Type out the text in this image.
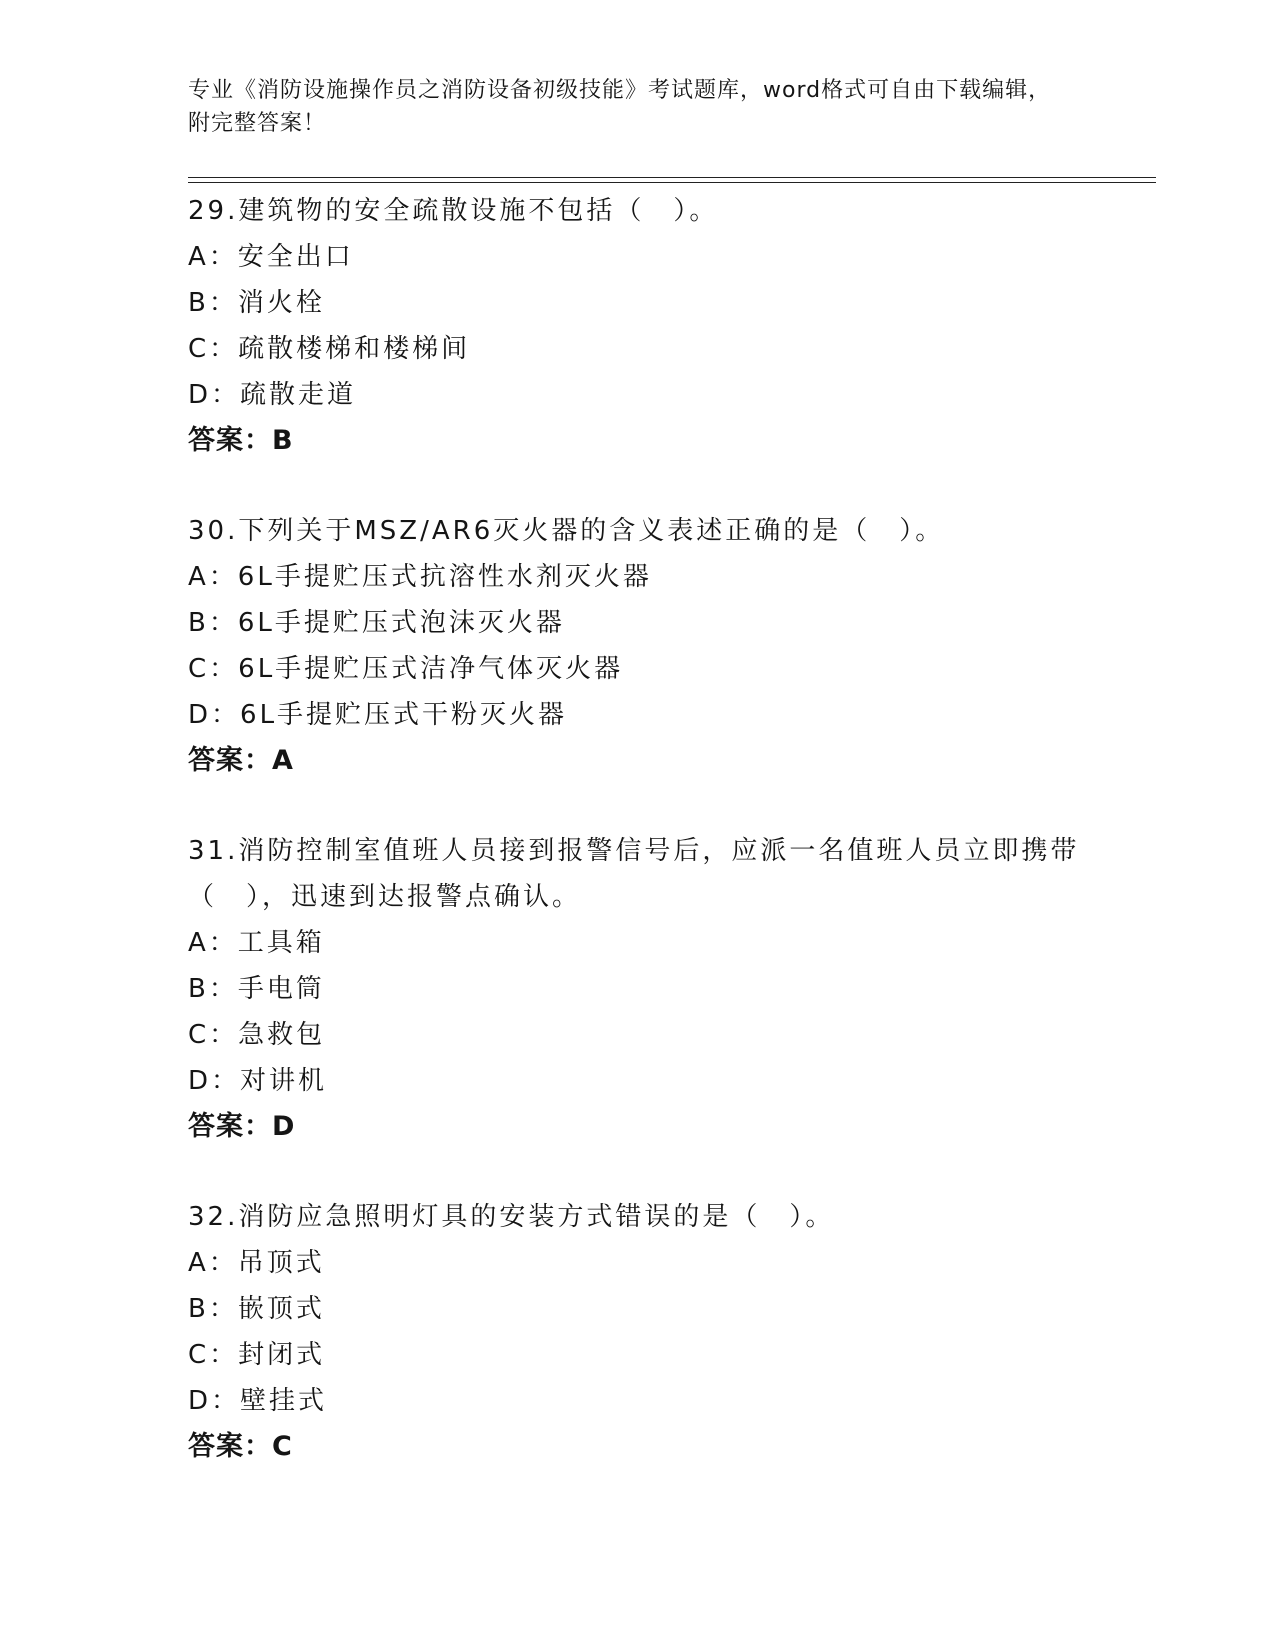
专业《消防设施操作员之消防设备初级技能》考试题库，word格式可自由下载编辑，附完整答案！

29.建筑物的安全疏散设施不包括（　）。

A：安全出口

B：消火栓

C：疏散楼梯和楼梯间

D：疏散走道

答案：B

30.下列关于MSZ/AR6灭火器的含义表述正确的是（　）。

A：6L手提贮压式抗溶性水剂灭火器

B：6L手提贮压式泡沫灭火器

C：6L手提贮压式洁净气体灭火器

D：6L手提贮压式干粉灭火器

答案：A

31.消防控制室值班人员接到报警信号后，应派一名值班人员立即携带（　），迅速到达报警点确认。

A：工具箱

B：手电筒

C：急救包

D：对讲机

答案：D

32.消防应急照明灯具的安装方式错误的是（　）。

A：吊顶式

B：嵌顶式

C：封闭式

D：壁挂式

答案：C
